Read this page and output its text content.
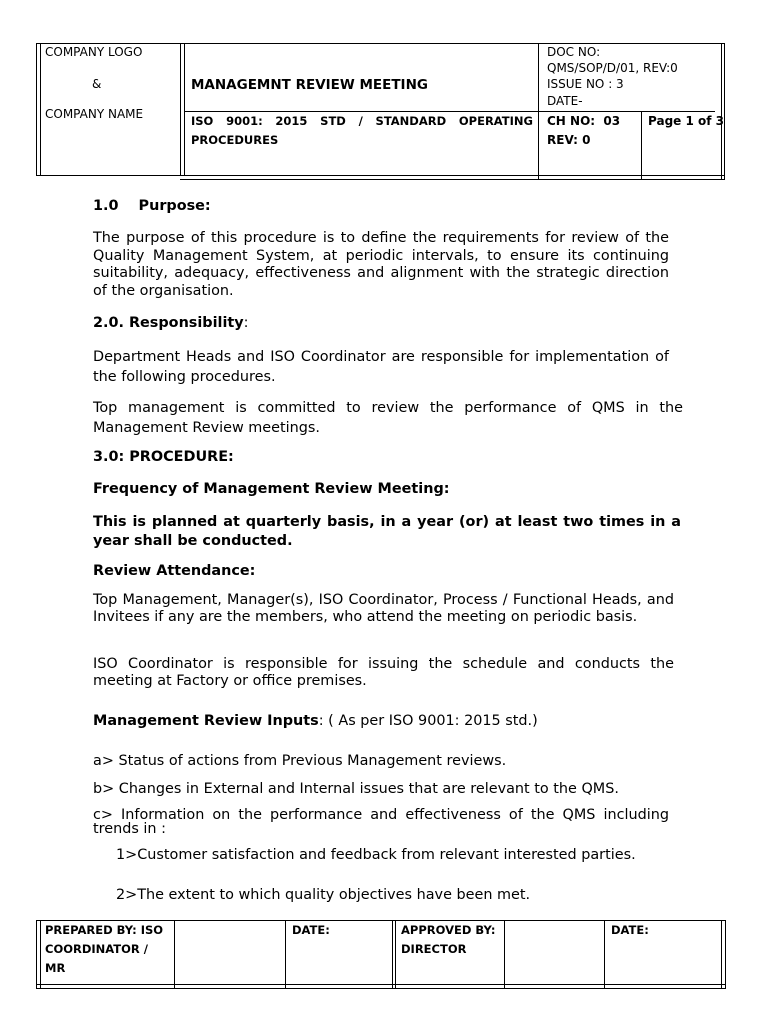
COMPANY LOGO
&
COMPANY NAME
MANAGEMNT REVIEW MEETING
ISO 9001: 2015 STD / STANDARD OPERATING PROCEDURES
DOC NO:
QMS/SOP/D/01, REV:0
ISSUE NO : 3
DATE-
CH NO:  03
REV: 0
Page 1 of 3
1.0    Purpose:
The purpose of this procedure is to define the requirements for review of the Quality Management System, at periodic intervals, to ensure its continuing suitability, adequacy, effectiveness and alignment with the strategic direction of the organisation.
2.0. Responsibility:
Department Heads and ISO Coordinator are responsible for implementation of the following procedures.
Top management is committed to review the performance of QMS in the Management Review meetings.
3.0: PROCEDURE:
Frequency of Management Review Meeting:
This is planned at quarterly basis, in a year (or) at least two times in a year shall be conducted.
Review Attendance:
Top Management, Manager(s), ISO Coordinator, Process / Functional Heads, and Invitees if any are the members, who attend the meeting on periodic basis.
ISO Coordinator is responsible for issuing the schedule and conducts the meeting at Factory or office premises.
Management Review Inputs: ( As per ISO 9001: 2015 std.)
a> Status of actions from Previous Management reviews.
b> Changes in External and Internal issues that are relevant to the QMS.
c> Information on the performance and effectiveness of the QMS including trends in :
1>Customer satisfaction and feedback from relevant interested parties.
2>The extent to which quality objectives have been met.
PREPARED BY: ISO COORDINATOR / MR
DATE:	APPROVED BY: DIRECTOR
DATE:
